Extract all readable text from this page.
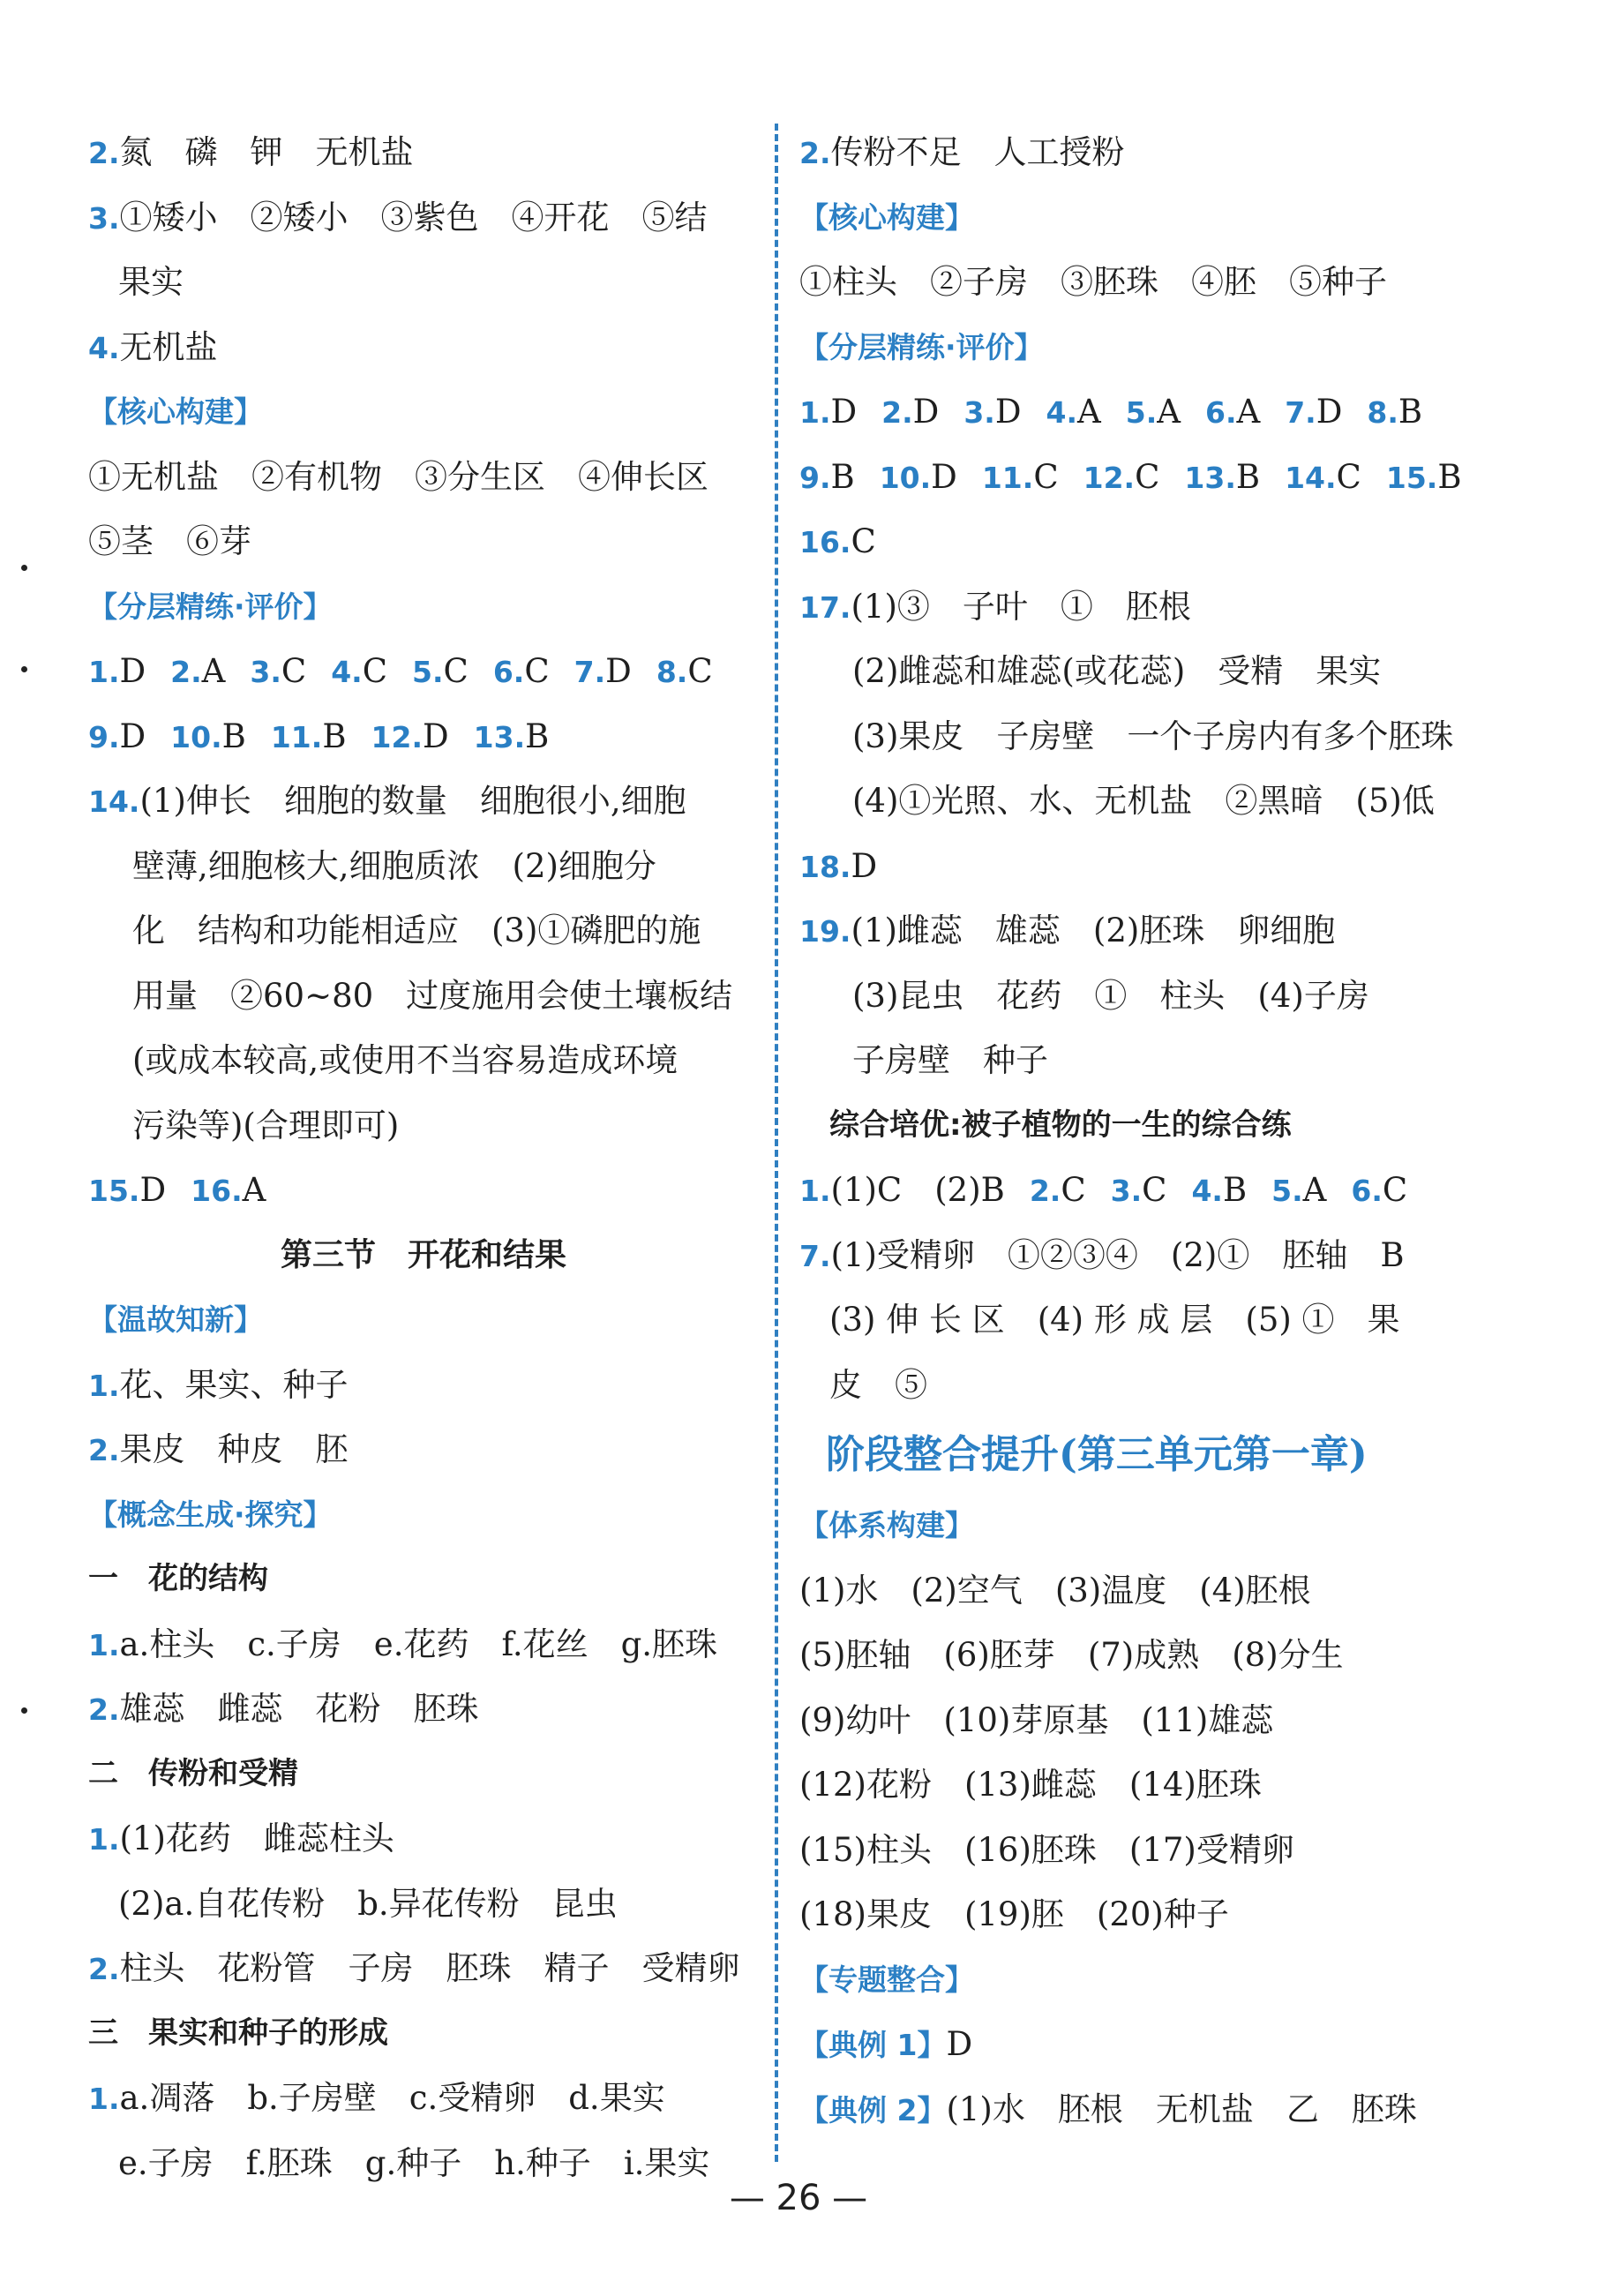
2.氮　磷　钾　无机盐
3.①矮小　②矮小　③紫色　④开花　⑤结
果实
4.无机盐
【核心构建】
①无机盐　②有机物　③分生区　④伸长区
⑤茎　⑥芽
【分层精练·评价】
1.D 2.A 3.C 4.C 5.C 6.C 7.D 8.C
9.D 10.B 11.B 12.D 13.B
14.(1)伸长　细胞的数量　细胞很小,细胞
壁薄,细胞核大,细胞质浓　(2)细胞分
化　结构和功能相适应　(3)①磷肥的施
用量　②60~80　过度施用会使土壤板结
(或成本较高,或使用不当容易造成环境
污染等)(合理即可)
15.D 16.A
第三节　开花和结果
【温故知新】
1.花、果实、种子
2.果皮　种皮　胚
【概念生成·探究】
一　花的结构
1.a.柱头　c.子房　e.花药　f.花丝　g.胚珠
2.雄蕊　雌蕊　花粉　胚珠
二　传粉和受精
1.(1)花药　雌蕊柱头
(2)a.自花传粉　b.异花传粉　昆虫
2.柱头　花粉管　子房　胚珠　精子　受精卵
三　果实和种子的形成
1.a.凋落　b.子房壁　c.受精卵　d.果实
e.子房　f.胚珠　g.种子　h.种子　i.果实
2.传粉不足　人工授粉
【核心构建】
①柱头　②子房　③胚珠　④胚　⑤种子
【分层精练·评价】
1.D 2.D 3.D 4.A 5.A 6.A 7.D 8.B
9.B 10.D 11.C 12.C 13.B 14.C 15.B
16.C
17.(1)③　子叶　①　胚根
(2)雌蕊和雄蕊(或花蕊)　受精　果实
(3)果皮　子房壁　一个子房内有多个胚珠
(4)①光照、水、无机盐　②黑暗　(5)低
18.D
19.(1)雌蕊　雄蕊　(2)胚珠　卵细胞
(3)昆虫　花药　①　柱头　(4)子房
子房壁　种子
综合培优:被子植物的一生的综合练
1.(1)C　(2)B 2.C 3.C 4.B 5.A 6.C
7.(1)受精卵　①②③④　(2)①　胚轴　B
(3) 伸 长 区　(4) 形 成 层　(5) ①　果
皮　⑤
阶段整合提升(第三单元第一章)
【体系构建】
(1)水　(2)空气　(3)温度　(4)胚根
(5)胚轴　(6)胚芽　(7)成熟　(8)分生
(9)幼叶　(10)芽原基　(11)雄蕊
(12)花粉　(13)雌蕊　(14)胚珠
(15)柱头　(16)胚珠　(17)受精卵
(18)果皮　(19)胚　(20)种子
【专题整合】
【典例 1】D
【典例 2】(1)水　胚根　无机盐　乙　胚珠
— 26 —
